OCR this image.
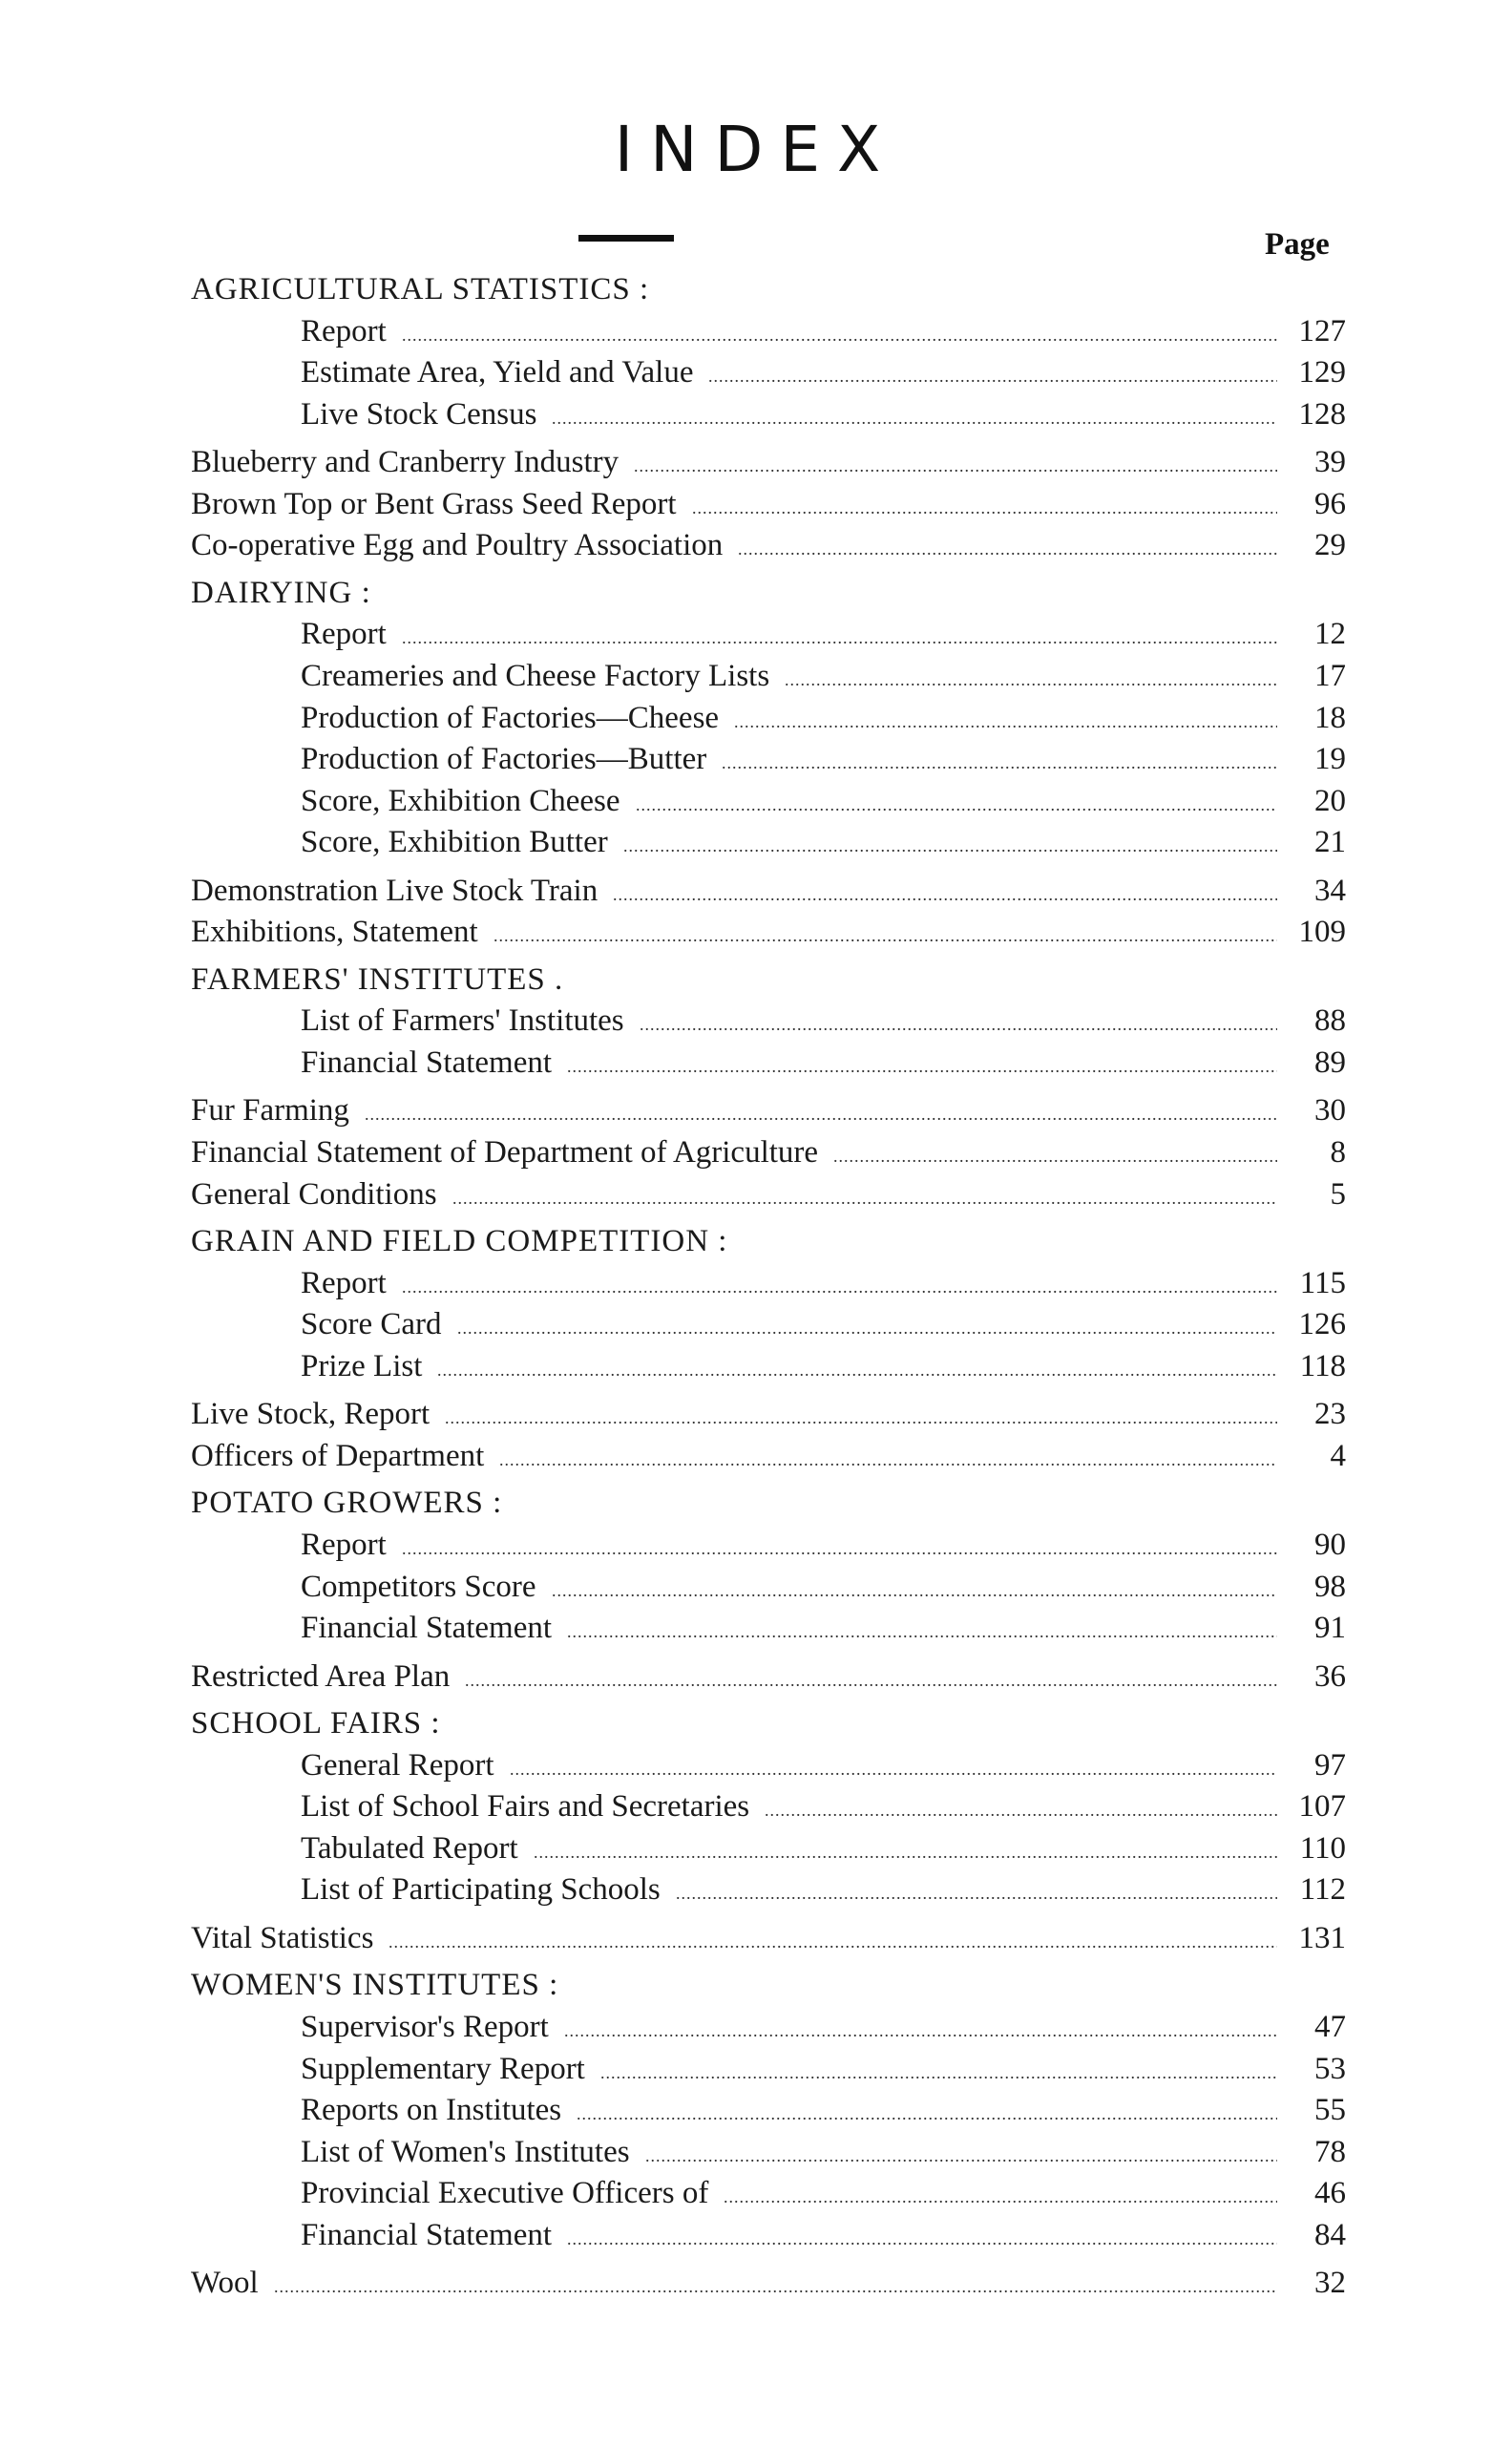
INDEX
Page
AGRICULTURAL STATISTICS :
Report .....	127
Estimate Area, Yield and Value .....	129
Live Stock Census .....	128
Blueberry and Cranberry Industry .....	39
Brown Top or Bent Grass Seed Report .....	96
Co-operative Egg and Poultry Association .....	29
DAIRYING :
Report .....	12
Creameries and Cheese Factory Lists .....	17
Production of Factories—Cheese .....	18
Production of Factories—Butter .....	19
Score, Exhibition Cheese .....	20
Score, Exhibition Butter .....	21
Demonstration Live Stock Train .....	34
Exhibitions, Statement .....	109
FARMERS' INSTITUTES .
List of Farmers' Institutes .....	88
Financial Statement .....	89
Fur Farming .....	30
Financial Statement of Department of Agriculture .....	8
General Conditions .....	5
GRAIN AND FIELD COMPETITION :
Report .....	115
Score Card .....	126
Prize List .....	118
Live Stock, Report .....	23
Officers of Department .....	4
POTATO GROWERS :
Report .....	90
Competitors Score .....	98
Financial Statement .....	91
Restricted Area Plan .....	36
SCHOOL FAIRS :
General Report .....	97
List of School Fairs and Secretaries .....	107
Tabulated Report .....	110
List of Participating Schools .....	112
Vital Statistics .....	131
WOMEN'S INSTITUTES :
Supervisor's Report .....	47
Supplementary Report .....	53
Reports on Institutes .....	55
List of Women's Institutes .....	78
Provincial Executive Officers of .....	46
Financial Statement .....	84
Wool .....	32
